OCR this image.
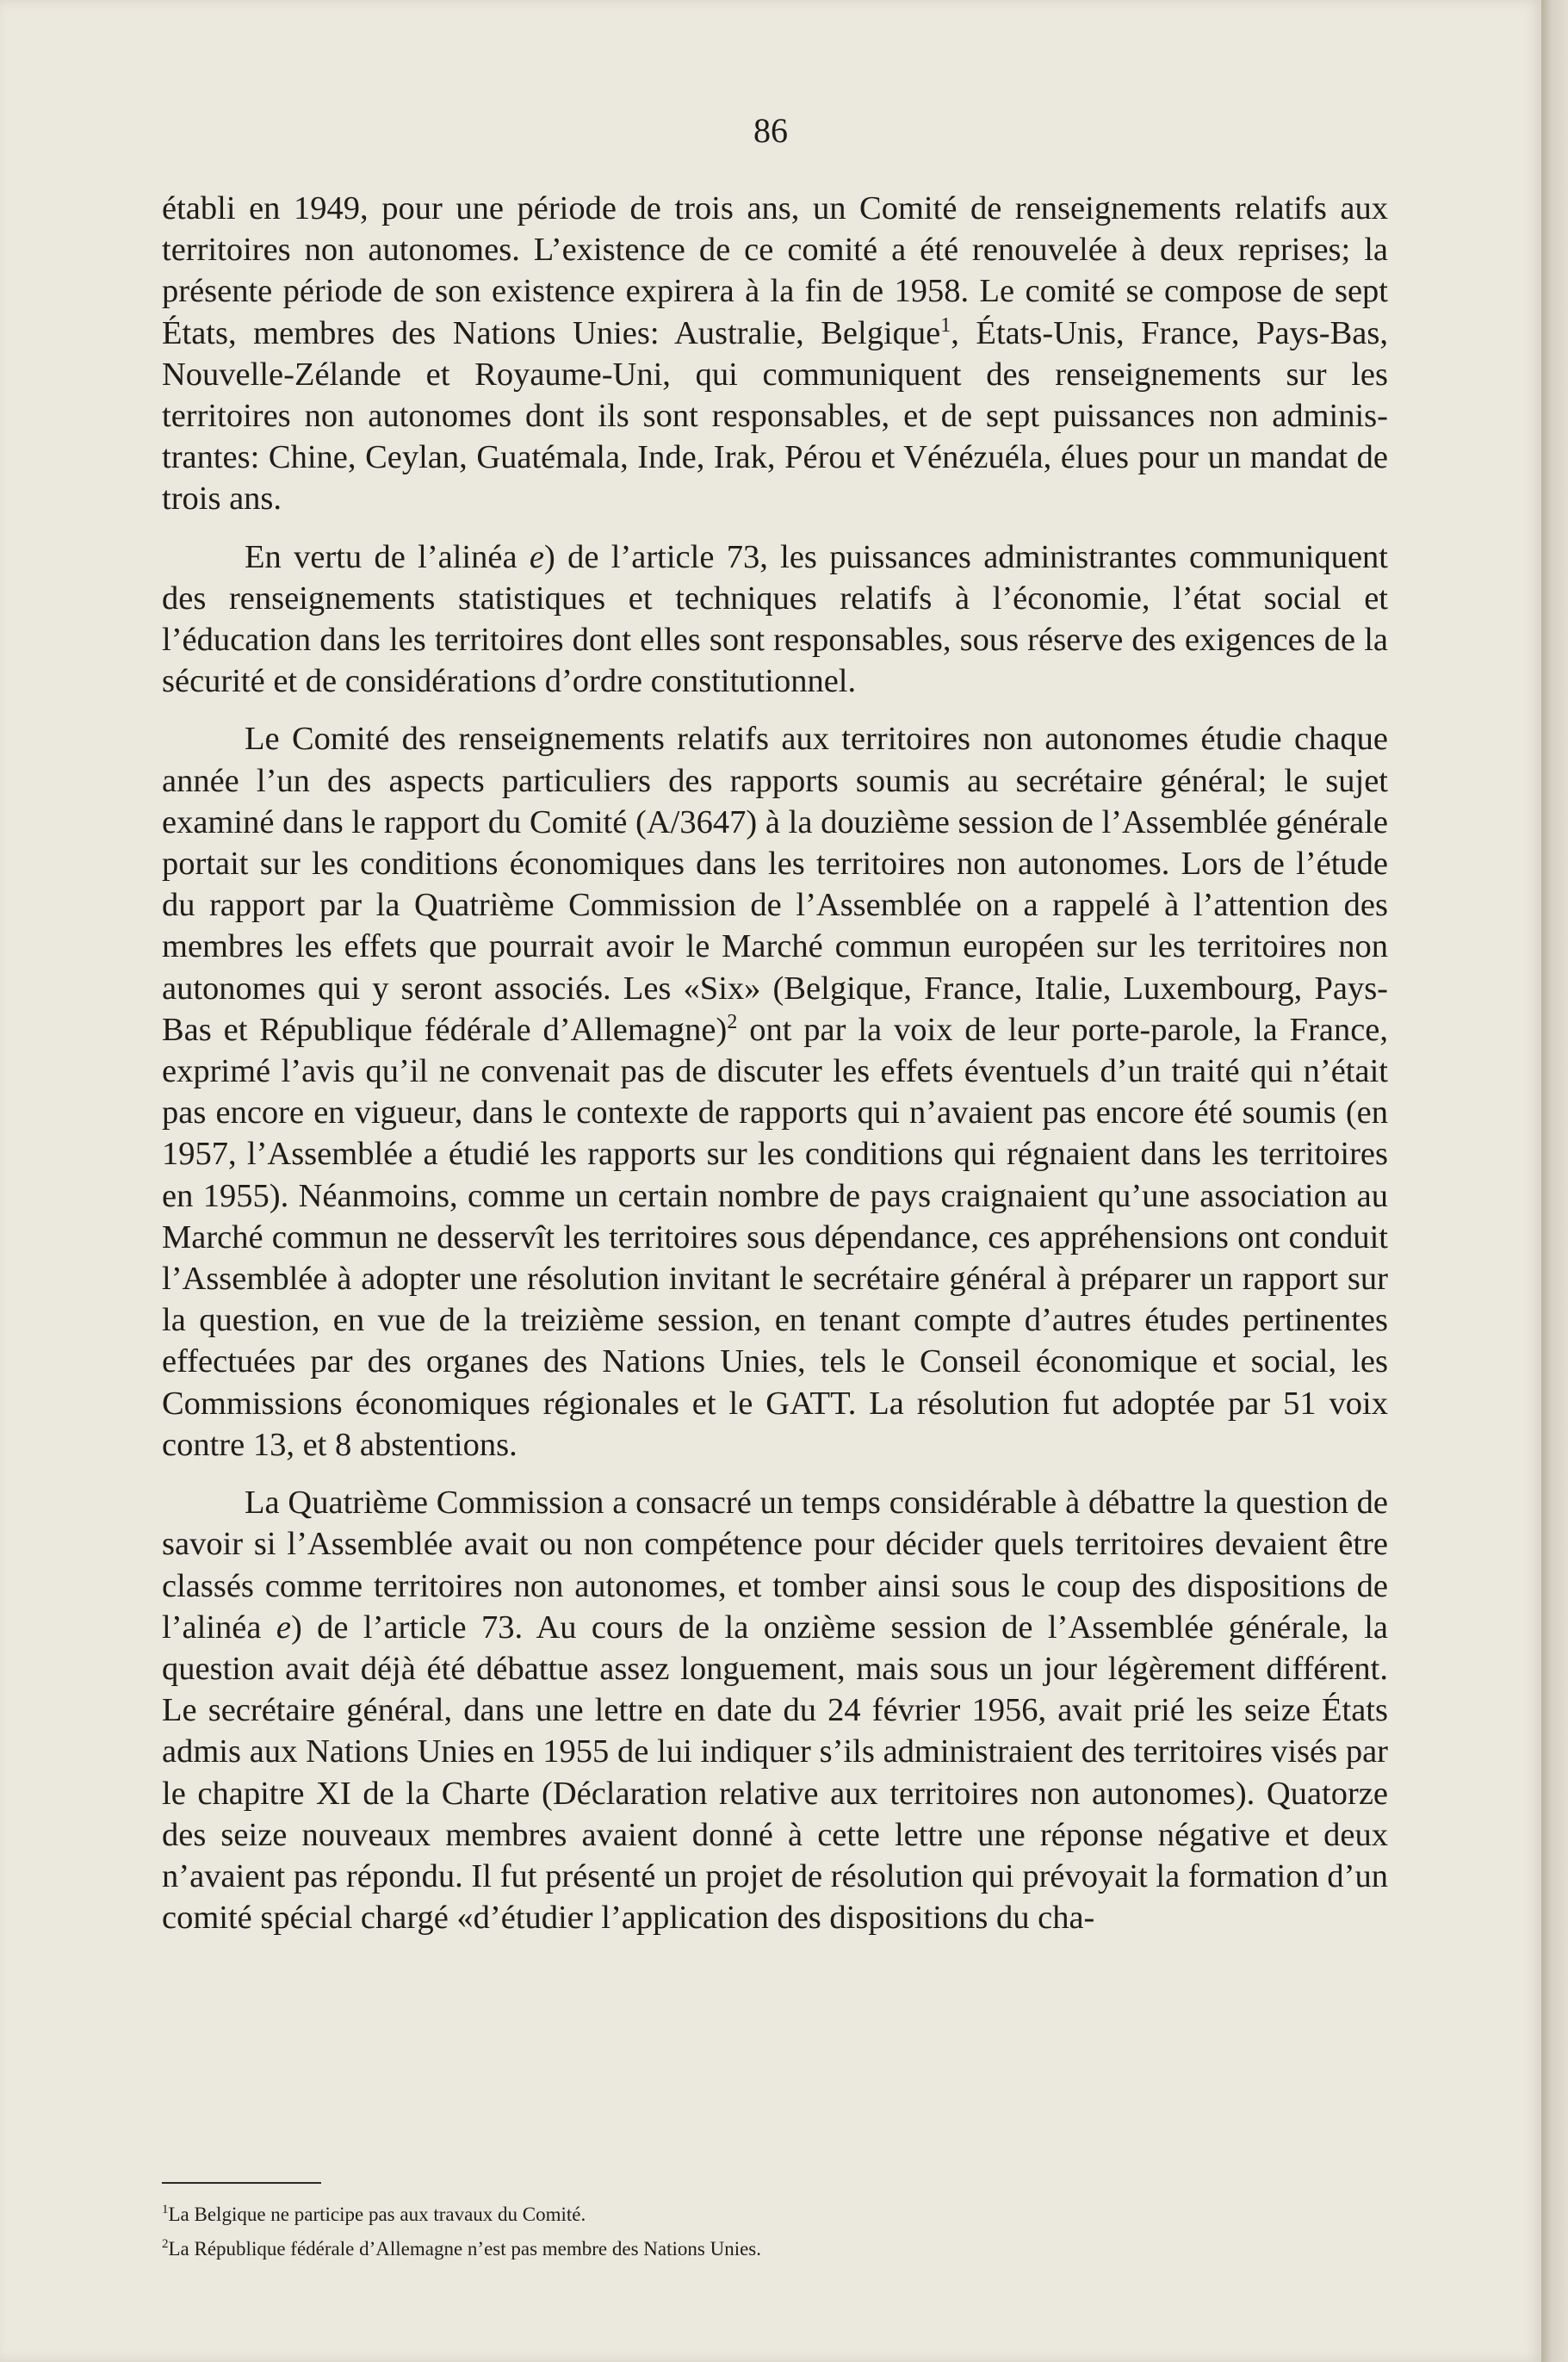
86

établi en 1949, pour une période de trois ans, un Comité de renseignements relatifs aux territoires non autonomes. L’existence de ce comité a été renouvelée à deux reprises; la présente période de son existence expirera à la fin de 1958. Le comité se compose de sept États, membres des Nations Unies: Australie, Belgique$^1$, États-Unis, France, Pays-Bas, Nouvelle-Zélande et Royaume-Uni, qui communiquent des renseignements sur les territoires non autonomes dont ils sont responsables, et de sept puissances non administrantes: Chine, Ceylan, Guatémala, Inde, Irak, Pérou et Vénézuéla, élues pour un mandat de trois ans.

En vertu de l’alinéa e) de l’article 73, les puissances administrantes communiquent des renseignements statistiques et techniques relatifs à l’économie, l’état social et l’éducation dans les territoires dont elles sont responsables, sous réserve des exigences de la sécurité et de considérations d’ordre constitutionnel.

Le Comité des renseignements relatifs aux territoires non autonomes étudie chaque année l’un des aspects particuliers des rapports soumis au secrétaire général; le sujet examiné dans le rapport du Comité (A/3647) à la douzième session de l’Assemblée générale portait sur les conditions économiques dans les territoires non autonomes. Lors de l’étude du rapport par la Quatrième Commission de l’Assemblée on a rappelé à l’attention des membres les effets que pourrait avoir le Marché commun européen sur les territoires non autonomes qui y seront associés. Les «Six» (Belgique, France, Italie, Luxembourg, Pays-Bas et République fédérale d’Allemagne)$^2$ ont par la voix de leur porte-parole, la France, exprimé l’avis qu’il ne convenait pas de discuter les effets éventuels d’un traité qui n’était pas encore en vigueur, dans le contexte de rapports qui n’avaient pas encore été soumis (en 1957, l’Assemblée a étudié les rapports sur les conditions qui régnaient dans les territoires en 1955). Néanmoins, comme un certain nombre de pays craignaient qu’une association au Marché commun ne desservît les territoires sous dépendance, ces appréhensions ont conduit l’Assemblée à adopter une résolution invitant le secrétaire général à préparer un rapport sur la question, en vue de la treizième session, en tenant compte d’autres études pertinentes effectuées par des organes des Nations Unies, tels le Conseil économique et social, les Commissions économiques régionales et le GATT. La résolution fut adoptée par 51 voix contre 13, et 8 abstentions.

La Quatrième Commission a consacré un temps considérable à débattre la question de savoir si l’Assemblée avait ou non compétence pour décider quels territoires devaient être classés comme territoires non autonomes, et tomber ainsi sous le coup des dispositions de l’alinéa e) de l’article 73. Au cours de la onzième session de l’Assemblée générale, la question avait déjà été débattue assez longuement, mais sous un jour légèrement différent. Le secrétaire général, dans une lettre en date du 24 février 1956, avait prié les seize États admis aux Nations Unies en 1955 de lui indiquer s’ils administraient des territoires visés par le chapitre XI de la Charte (Déclaration relative aux territoires non autonomes). Quatorze des seize nouveaux membres avaient donné à cette lettre une réponse négative et deux n’avaient pas répondu. Il fut présenté un projet de résolution qui prévoyait la formation d’un comité spécial chargé «d’étudier l’application des dispositions du cha-

$^1$La Belgique ne participe pas aux travaux du Comité.
$^2$La République fédérale d’Allemagne n’est pas membre des Nations Unies.
